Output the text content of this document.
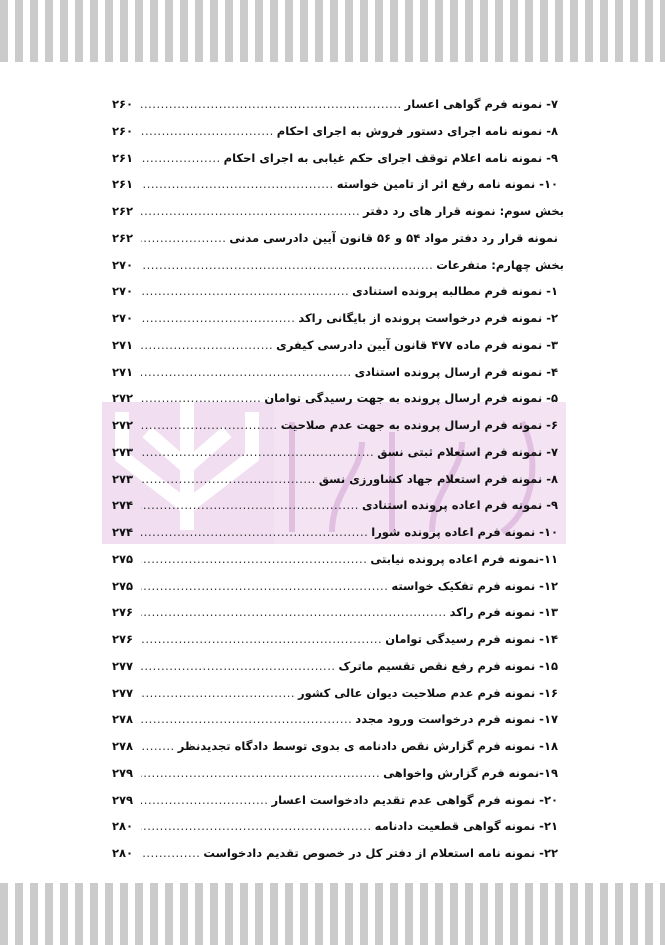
۷- نمونه فرم گواهی اعسار
.....
۲۶۰
۸- نمونه نامه اجرای دستور فروش به اجرای احکام
.....
۲۶۰
۹- نمونه نامه اعلام توقف اجرای حکم غیابی به اجرای احکام
.....
۲۶۱
۱۰- نمونه نامه رفع اثر از تامین خواسته
.....
۲۶۱
بخش سوم: نمونه قرار های رد دفتر
.....
۲۶۲
نمونه قرار رد دفتر مواد ۵۴ و ۵۶ قانون آیین دادرسی مدنی
.....
۲۶۲
بخش چهارم: متفرعات
.....
۲۷۰
۱- نمونه فرم مطالبه پرونده استنادی
.....
۲۷۰
۲- نمونه فرم درخواست پرونده از بایگانی راکد
.....
۲۷۰
۳- نمونه فرم ماده ۴۷۷ قانون آیین دادرسی کیفری
.....
۲۷۱
۴- نمونه فرم ارسال پرونده استنادی
.....
۲۷۱
۵- نمونه فرم ارسال پرونده به جهت رسیدگی توامان
.....
۲۷۲
۶- نمونه فرم ارسال پرونده به جهت عدم صلاحیت
.....
۲۷۲
۷- نمونه فرم استعلام ثبتی نسق
.....
۲۷۳
۸- نمونه فرم استعلام جهاد کشاورزی نسق
.....
۲۷۳
۹- نمونه فرم اعاده پرونده استنادی
.....
۲۷۴
۱۰- نمونه فرم اعاده پرونده شورا
.....
۲۷۴
۱۱-نمونه فرم اعاده پرونده نیابتی
.....
۲۷۵
۱۲- نمونه فرم تفکیک خواسته
.....
۲۷۵
۱۳- نمونه فرم راکد
.....
۲۷۶
۱۴- نمونه فرم رسیدگی توامان
.....
۲۷۶
۱۵- نمونه فرم رفع نقص تقسیم ماترک
.....
۲۷۷
۱۶- نمونه فرم عدم صلاحیت دیوان عالی کشور
.....
۲۷۷
۱۷- نمونه فرم درخواست ورود مجدد
.....
۲۷۸
۱۸- نمونه فرم گزارش نقص دادنامه ی بدوی توسط دادگاه تجدیدنظر
.....
۲۷۸
۱۹-نمونه فرم گزارش واخواهی
.....
۲۷۹
۲۰- نمونه فرم گواهی عدم تقدیم دادخواست اعسار
.....
۲۷۹
۲۱- نمونه گواهی قطعیت دادنامه
.....
۲۸۰
۲۲- نمونه نامه استعلام از دفتر کل در خصوص تقدیم دادخواست
.....
۲۸۰
